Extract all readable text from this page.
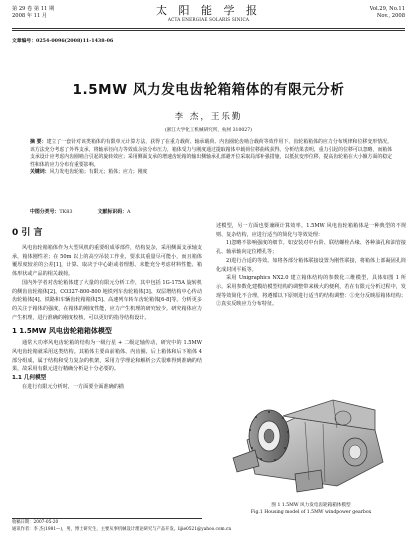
第 29 卷 第 11 期
2008 年 11 月	太 阳 能 学 报
ACTA ENERGIAE SOLARIS SINICA
Vol.29, No.11
Nov., 2008
文章编号：0254-0096(2008)11-1438-06
1.5MW 风力发电齿轮箱箱体的有限元分析
李 杰，王乐勤
(浙江大学化工机械研究所，杭州 310027)
摘 要：建立了一套针对该类箱体的有限单元计算方法，获得了在重力载荷、轴承载荷、内齿圈轮齿啮合载荷等效作用下，齿轮箱箱体的应力分布规律和位移变形情况。该方法充分考虑了外界支承，将轴承径向力等效成余弦分布压力，箱体受力与刚度通过提取箱体中载荷位移曲线获得。分析结果表明，重力引起的位移可以忽略，而箱体支承设计应考虑内齿圈啮合引起的旋转效应；采用侧面支承的增速齿轮箱的输出侧轴承孔部避开位采取局部补强措施，以抵抗变形位移，提高齿轮箱在大小额方面的稳定性和体的应力分布有重要影响。
关键词：风力发电齿轮箱；有限元；箱体；应力；刚度
中图分类号：TK83	文献标识码：A
0 引 言

风电齿轮箱箱体作为大型风机的重要组成零部件，结构复杂，采用侧面支承轴支承，箱体刚性差；在 50m 以上的高空吊装工作业，要求其重量尽可能小，而且箱体覆厚度较差的公差[1]，计算、取决于中心距或者理想、未能充分考虑材料性能、箱体形状或产品的相关载荷。

国内外学者对齿轮箱体建了大量的有限元分析工作，其中包括 1G-175A 旋转机的侧齿齿轮箱体[2]、CO327-800-800 地铁列车齿轮箱体[3]、双层增结构中心传动齿轮箱体[4]、铁路和车辆齿轮箱箱体[5]、高速列车转车齿轮箱体[6-8]等。分析更多的关注于箱体的强度，在箱体的刚度性能，应力产生机理的研究较少。研究箱体应力产生机理，进行准确的刚度校核，可以更好的指导结构设计。

1 1.5MW 风电齿轮箱箱体模型

通常大功率风电齿轮箱的结构为一级行星 + 二级定轴传动，研究中的 1.5MW 风电齿轮箱就采用这类结构。其箱体主要由前箱体、内齿圈、后上箱体和后下箱体 4 部分组成，属于结构和受力复杂的机架，采用力学理论和解析公式很难得到准确的结果，故采用有限元进行精确分析是十分必要的。

1.1 几何模型

在进行有限元分析时，一方面要全面准确的描

述模型，另一方面也要兼顾计算效率。1.5MW 风电齿轮箱箱体是一种典型的不规则、复杂结构，应进行适当的简化与等效处理：

1)忽略不影响强度的细节。如安装对中台阶、联结螺栓凸缘、各种油孔和油管接孔、轴承轴向定位槽孔等；

2)进行合适的等效。如将各部分箱体联接设置为刚性联接，将箱体上部凝固孔简化成封闭平板等。

采用 Unigraphics NX2.0 建立箱体结构的参数化三维模型，具体如图 1 所示。采用参数化建模给模型结构的调整带来极大的便利，若在有限元分析过程中，发现等效简化不合理，将遵循以下原则进行适当的结构调整：①充分反映原箱体结构；②真实反映应力分布特征。

图 1 1.5MW 风力发电齿轮箱箱体模型
Fig.1 Housing model of 1.5MW windpower gearbox
收稿日期：2007-05-20
通讯作者：李 杰(1981—)，男，博士研究生，主要从事机械设计理论研究与产品开发。lijie0521@yahoo.com.cn
